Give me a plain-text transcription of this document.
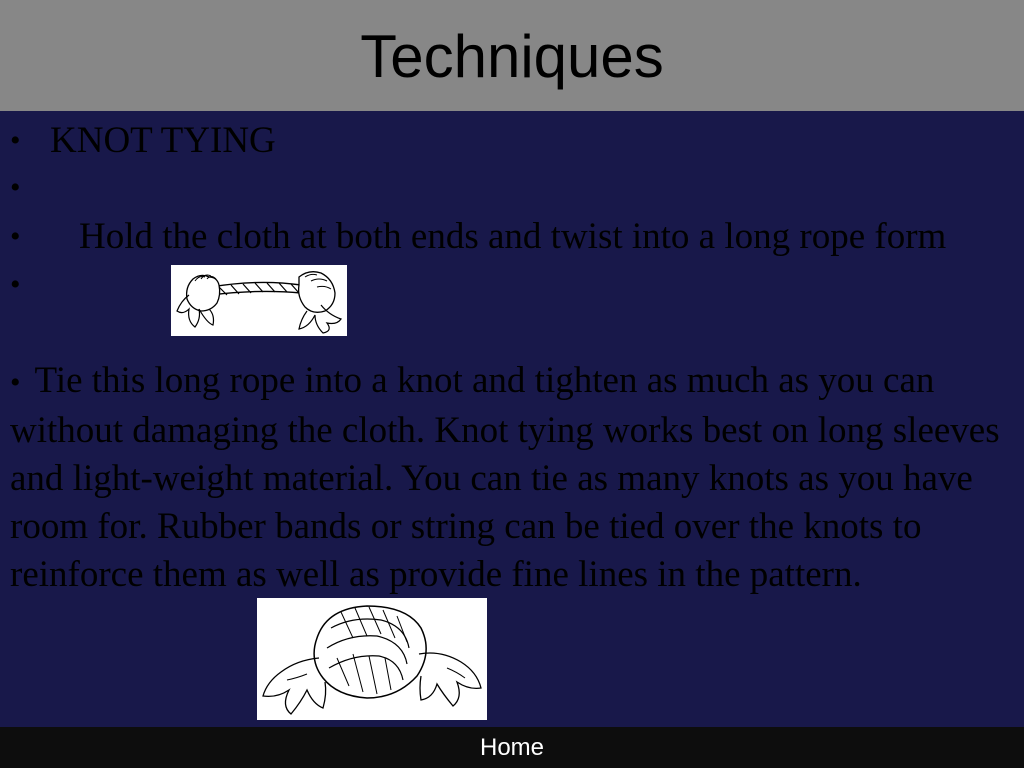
Techniques
• KNOT TYING
•
• Hold the cloth at both ends and twist into a long rope form
•
• Tie this long rope into a knot and tighten as much as you can without damaging the cloth. Knot tying works best on long sleeves and light-weight material. You can tie as many knots as you have room for. Rubber bands or string can be tied over the knots to reinforce them as well as provide fine lines in the pattern.
Home
